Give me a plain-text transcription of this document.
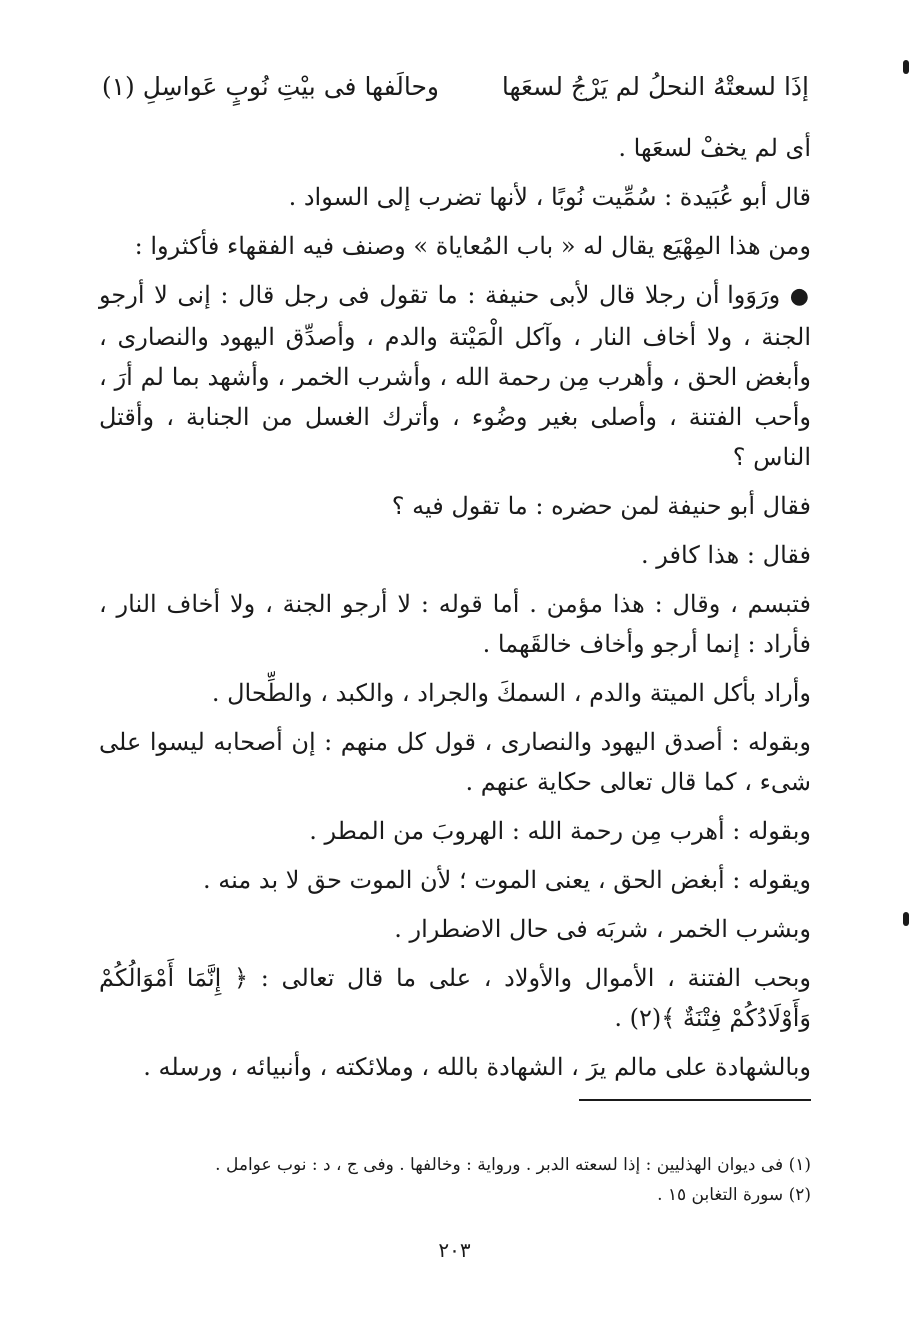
إذَا لسعتْهُ النحلُ لم يَرْجُ لسعَها
وحالَفها فى بيْتِ نُوبٍ عَواسِلِ (١)

أى لم يخفْ لسعَها .

قال أبو عُبَيدة : سُمِّيت نُوبًا ، لأنها تضرب إلى السواد .

ومن هذا المِهْيَع يقال له « باب المُعاياة » وصنف فيه الفقهاء فأكثروا :

● ورَوَوا أن رجلا قال لأبى حنيفة : ما تقول فى رجل قال : إنى لا أرجو الجنة ، ولا أخاف النار ، وآكل الْمَيْتة والدم ، وأصدِّق اليهود والنصارى ، وأبغض الحق ، وأهرب مِن رحمة الله ، وأشرب الخمر ، وأشهد بما لم أرَ ، وأحب الفتنة ، وأصلى بغير وضُوء ، وأترك الغسل من الجنابة ، وأقتل الناس ؟

فقال أبو حنيفة لمن حضره : ما تقول فيه ؟

فقال : هذا كافر .

فتبسم ، وقال : هذا مؤمن . أما قوله : لا أرجو الجنة ، ولا أخاف النار ، فأراد : إنما أرجو وأخاف خالقَهما .

وأراد بأكل الميتة والدم ، السمكَ والجراد ، والكبد ، والطِّحال .

وبقوله : أصدق اليهود والنصارى ، قول كل منهم : إن أصحابه ليسوا على شىء ، كما قال تعالى حكاية عنهم .

وبقوله : أهرب مِن رحمة الله : الهروبَ من المطر .

ويقوله : أبغض الحق ، يعنى الموت ؛ لأن الموت حق لا بد منه .

وبشرب الخمر ، شربَه فى حال الاضطرار .

وبحب الفتنة ، الأموال والأولاد ، على ما قال تعالى : ﴿ إِنَّمَا أَمْوَالُكُمْ وَأَوْلَادُكُمْ فِتْنَةٌ ﴾(٢) .

وبالشهادة على مالم يرَ ، الشهادة بالله ، وملائكته ، وأنبيائه ، ورسله .

(١) فى ديوان الهذليين : إذا لسعته الدبر . ورواية : وخالفها . وفى ج ، د : نوب عوامل .

(٢) سورة التغابن ١٥ .

٢٠٣
